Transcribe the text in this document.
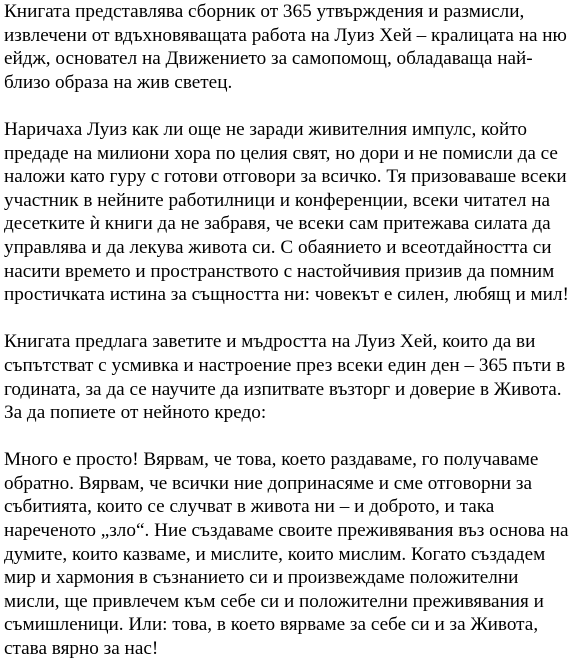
Книгата представлява сборник от 365 утвърждения и размисли,
извлечени от вдъхновяващата работа на Луиз Хей – кралицата на ню
ейдж, основател на Движението за самопомощ, обладаваща най-
близо образа на жив светец.

Наричаха Луиз как ли още не заради живителния импулс, който
предаде на милиони хора по целия свят, но дори и не помисли да се
наложи като гуру с готови отговори за всичко. Тя призоваваше всеки
участник в нейните работилници и конференции, всеки читател на
десетките ѝ книги да не забравя, че всеки сам притежава силата да
управлява и да лекува живота си. С обаянието и всеотдайността си
насити времето и пространството с настойчивия призив да помним
простичката истина за същността ни: човекът е силен, любящ и мил!

Книгата предлага заветите и мъдростта на Луиз Хей, които да ви
съпътстват с усмивка и настроение през всеки един ден – 365 пъти в
годината, за да се научите да изпитвате възторг и доверие в Живота.
За да попиете от нейното кредо:

Много е просто! Вярвам, че това, което раздаваме, го получаваме
обратно. Вярвам, че всички ние допринасяме и сме отговорни за
събитията, които се случват в живота ни – и доброто, и така
нареченото „зло“. Ние създаваме своите преживявания въз основа на
думите, които казваме, и мислите, които мислим. Когато създадем
мир и хармония в съзнанието си и произвеждаме положителни
мисли, ще привлечем към себе си и положителни преживявания и
съмишленици. Или: това, в което вярваме за себе си и за Живота,
става вярно за нас!
